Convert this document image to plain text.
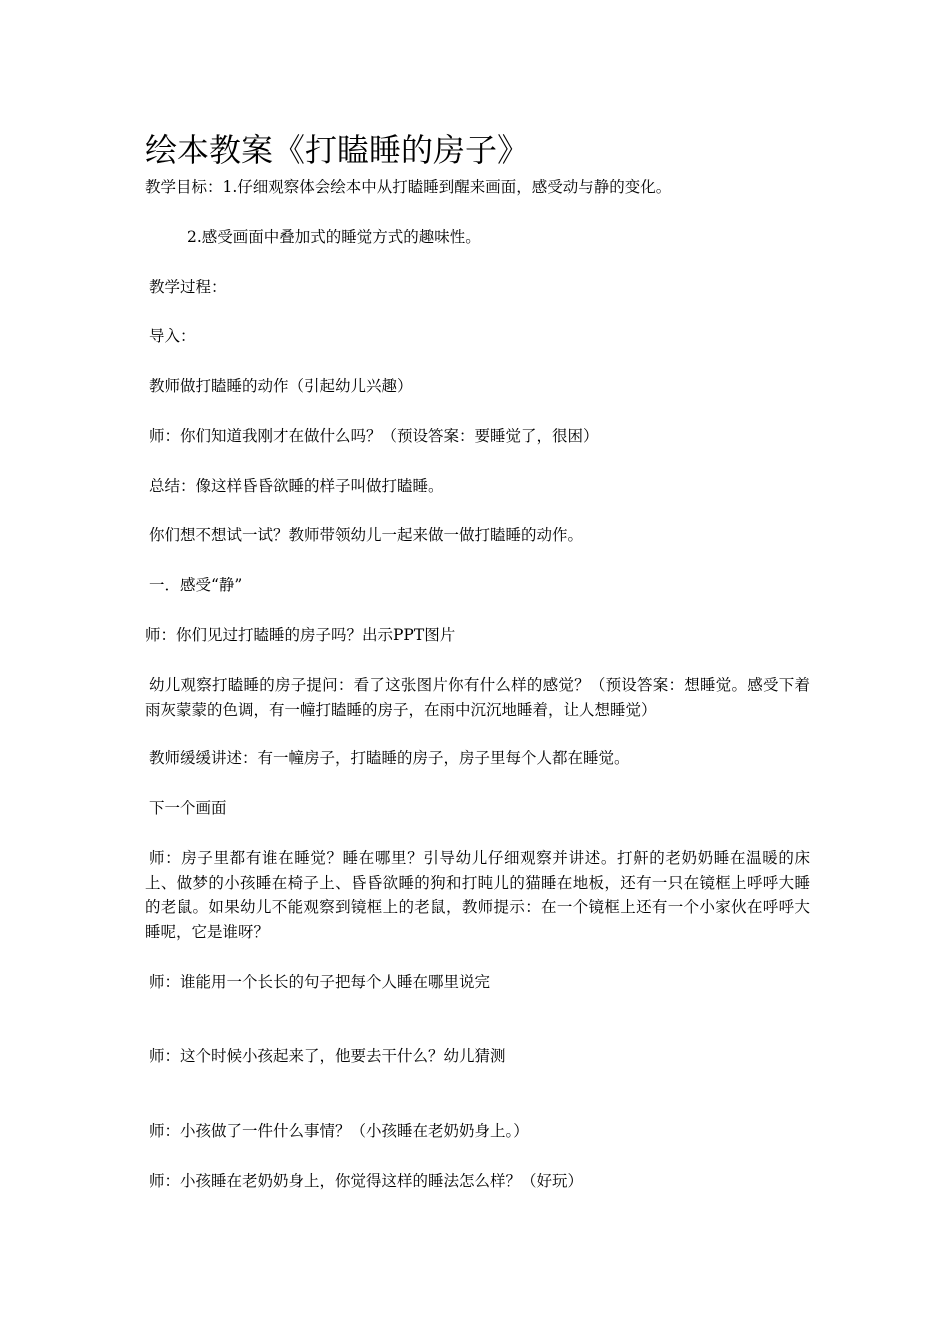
绘本教案《打瞌睡的房子》

教学目标：1.仔细观察体会绘本中从打瞌睡到醒来画面，感受动与静的变化。

2.感受画面中叠加式的睡觉方式的趣味性。

教学过程：

导入：

教师做打瞌睡的动作（引起幼儿兴趣）

师：你们知道我刚才在做什么吗？（预设答案：要睡觉了，很困）

总结：像这样昏昏欲睡的样子叫做打瞌睡。

你们想不想试一试？教师带领幼儿一起来做一做打瞌睡的动作。

一．感受“静”

师：你们见过打瞌睡的房子吗？出示PPT图片

幼儿观察打瞌睡的房子提问：看了这张图片你有什么样的感觉？（预设答案：想睡觉。感受下着雨灰蒙蒙的色调，有一幢打瞌睡的房子，在雨中沉沉地睡着，让人想睡觉）

教师缓缓讲述：有一幢房子，打瞌睡的房子，房子里每个人都在睡觉。

下一个画面

师：房子里都有谁在睡觉？睡在哪里？引导幼儿仔细观察并讲述。打鼾的老奶奶睡在温暖的床上、做梦的小孩睡在椅子上、昏昏欲睡的狗和打盹儿的猫睡在地板，还有一只在镜框上呼呼大睡的老鼠。如果幼儿不能观察到镜框上的老鼠，教师提示：在一个镜框上还有一个小家伙在呼呼大睡呢，它是谁呀？

师：谁能用一个长长的句子把每个人睡在哪里说完

师：这个时候小孩起来了，他要去干什么？幼儿猜测

师：小孩做了一件什么事情？（小孩睡在老奶奶身上。）

师：小孩睡在老奶奶身上，你觉得这样的睡法怎么样？（好玩）
